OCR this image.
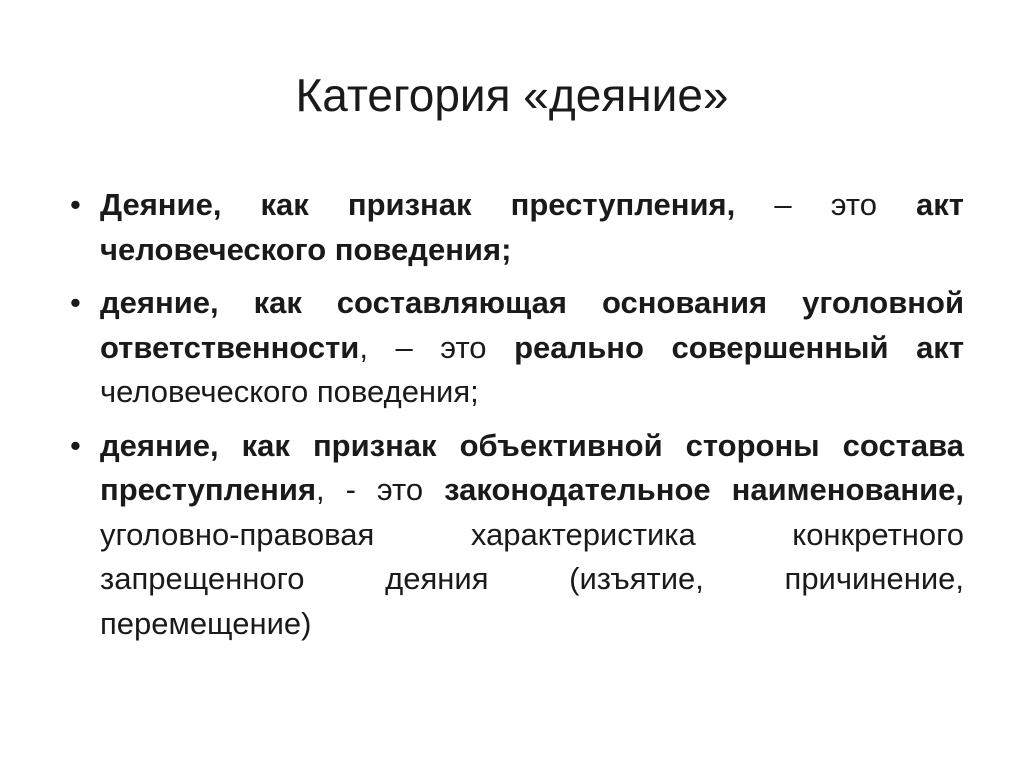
Категория «деяние»
• Деяние, как признак преступления, – это акт человеческого поведения;
• деяние, как составляющая основания уголовной ответственности, – это реально совершенный акт человеческого поведения;
• деяние, как признак объективной стороны состава преступления, - это законодательное наименование, уголовно-правовая характеристика конкретного запрещенного деяния (изъятие, причинение, перемещение)
